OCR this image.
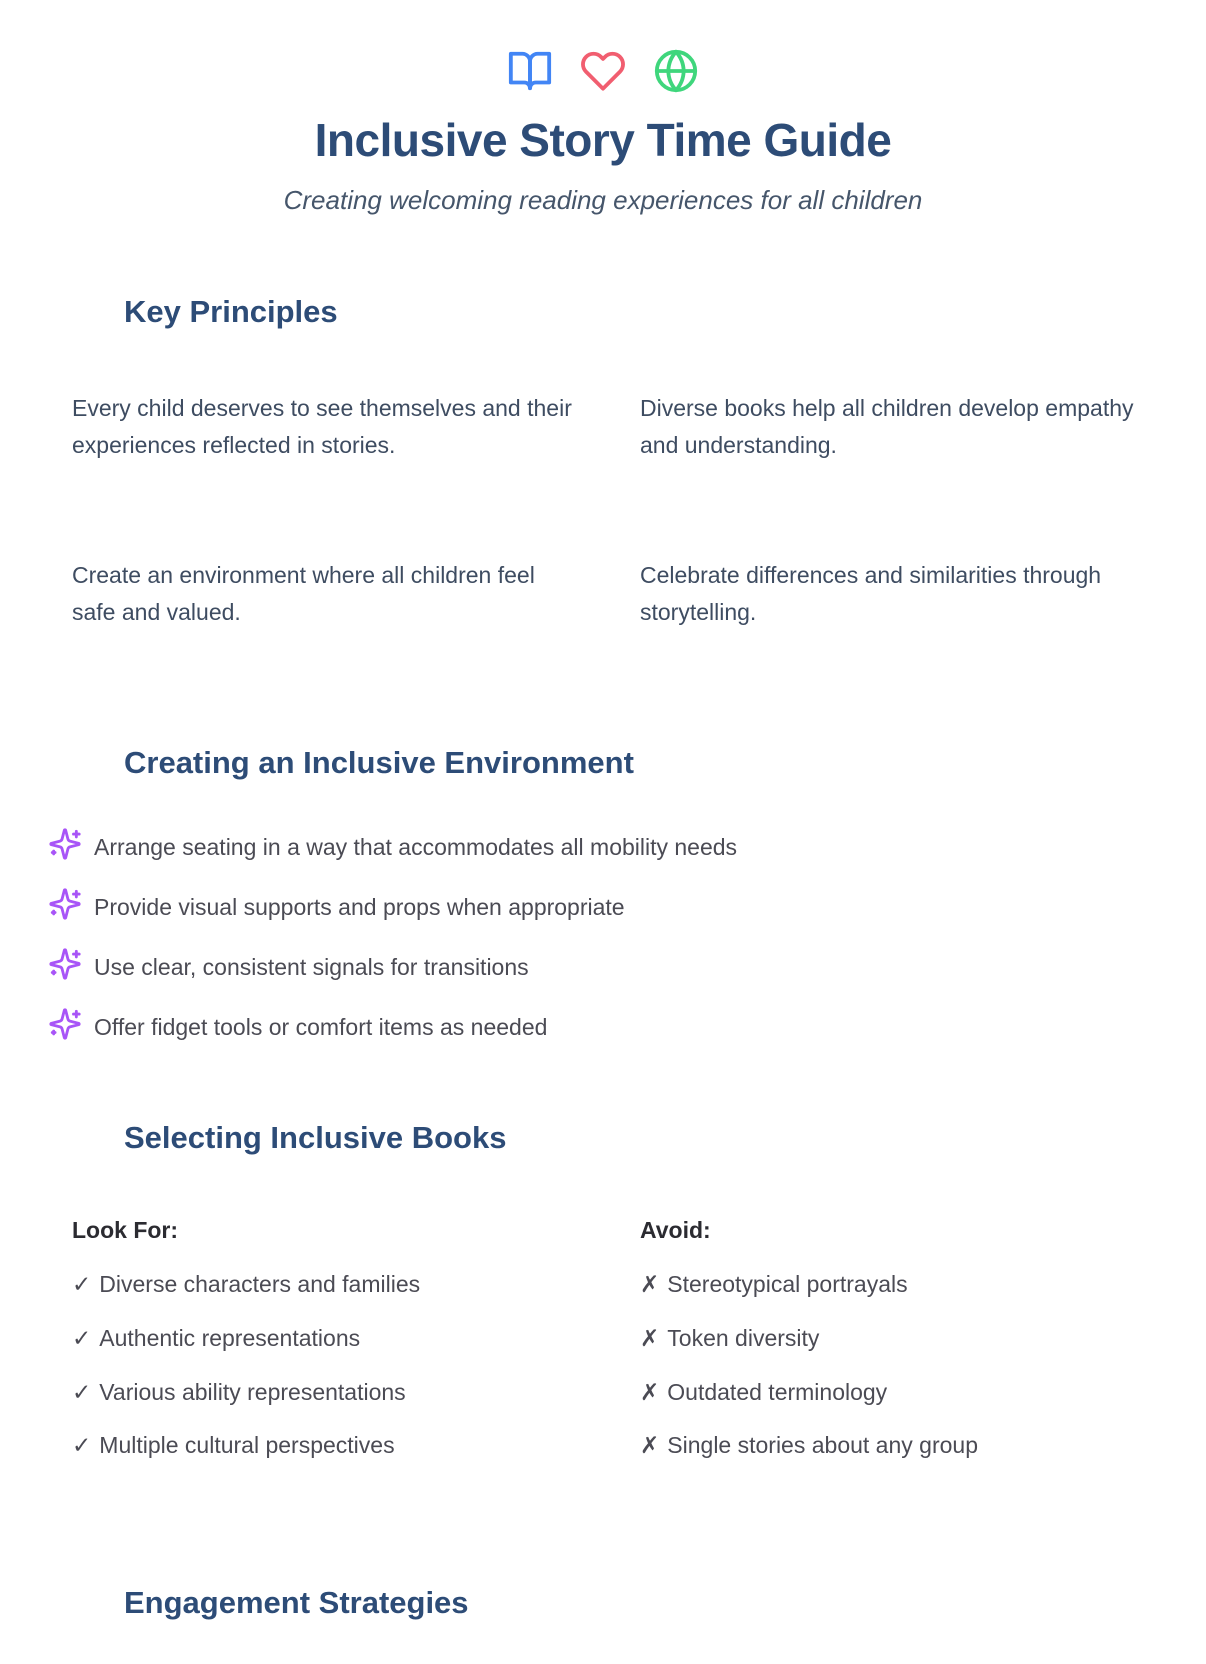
Inclusive Story Time Guide
Creating welcoming reading experiences for all children
Key Principles

Every child deserves to see themselves and their experiences reflected in stories.

Diverse books help all children develop empathy and understanding.

Create an environment where all children feel safe and valued.

Celebrate differences and similarities through storytelling.

Creating an Inclusive Environment
Arrange seating in a way that accommodates all mobility needs
Provide visual supports and props when appropriate
Use clear, consistent signals for transitions
Offer fidget tools or comfort items as needed
Selecting Inclusive Books
Look For:
✓ Diverse characters and families
✓ Authentic representations
✓ Various ability representations
✓ Multiple cultural perspectives
Avoid:
✗ Stereotypical portrayals
✗ Token diversity
✗ Outdated terminology
✗ Single stories about any group
Engagement Strategies
